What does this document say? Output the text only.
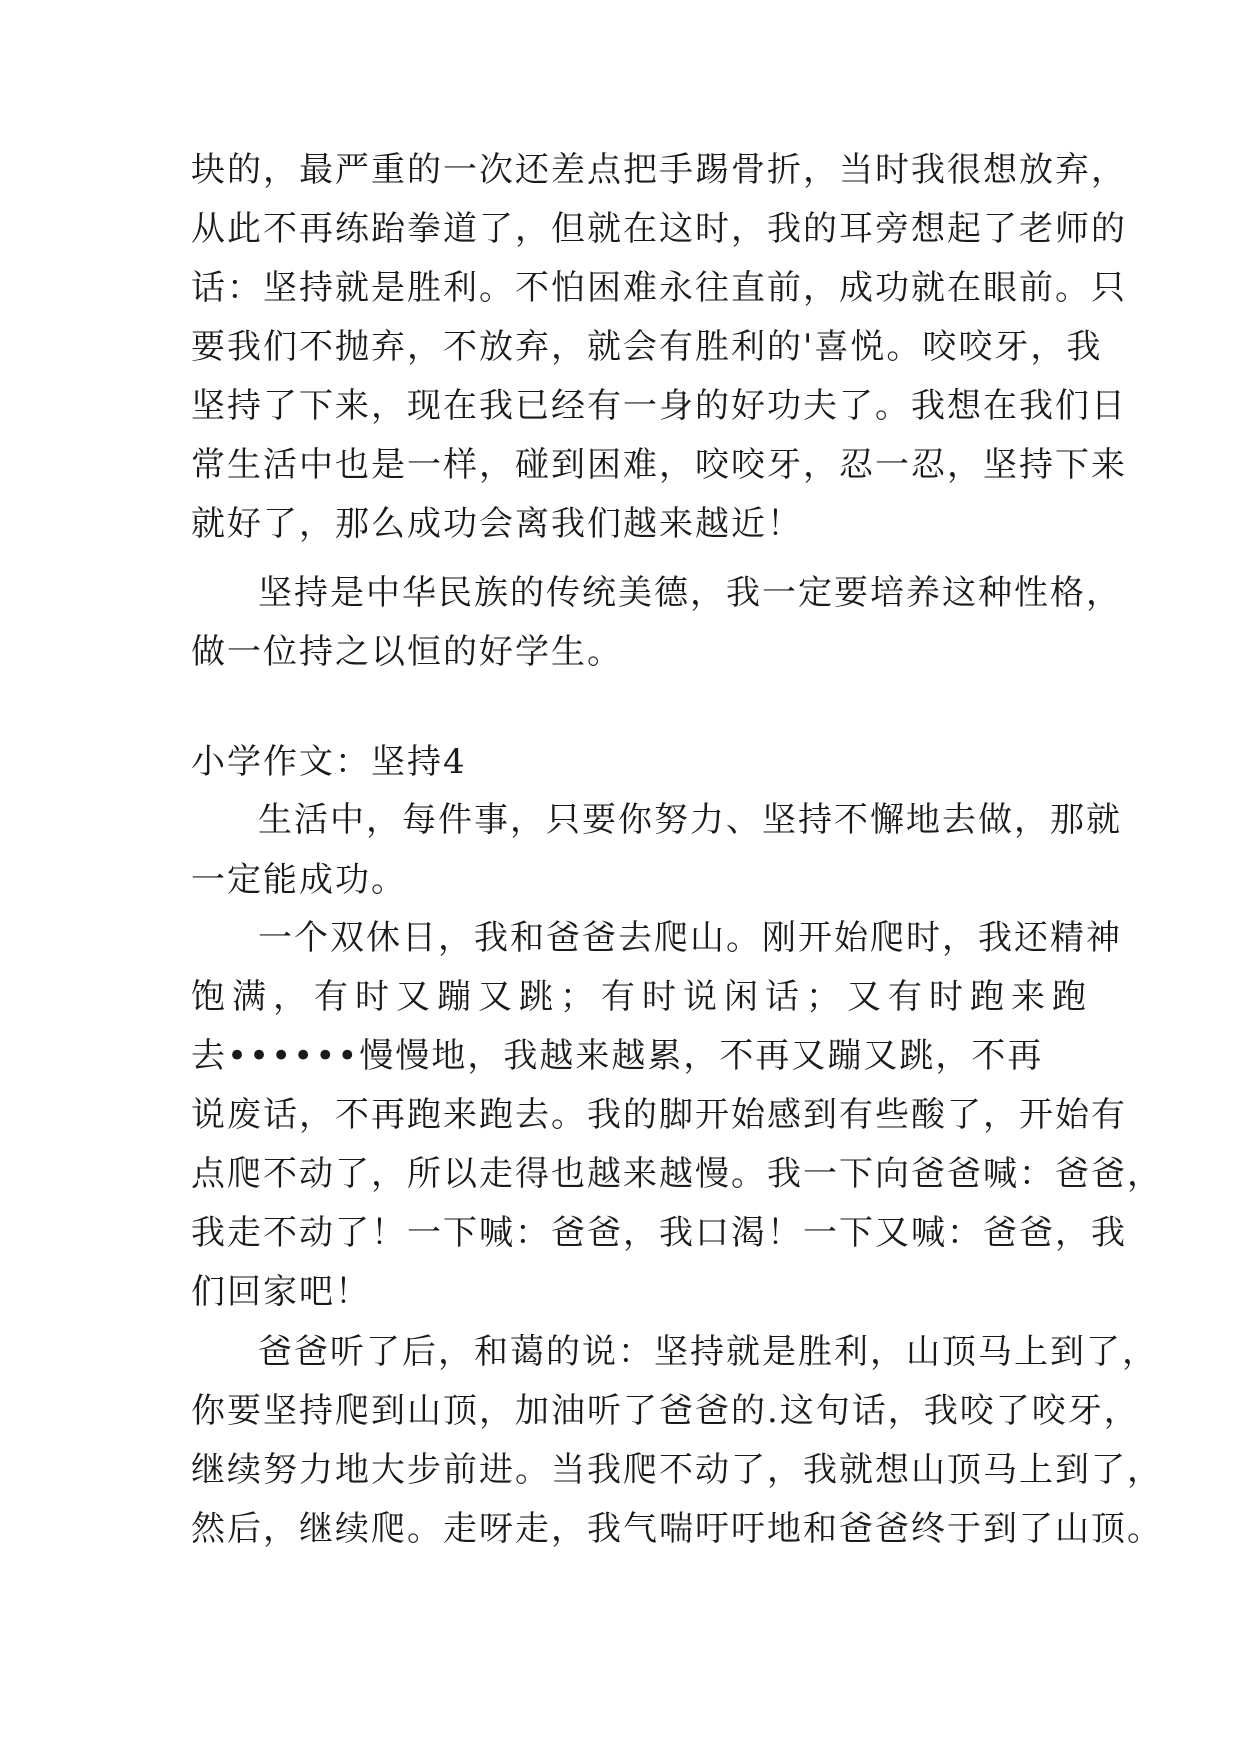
块的，最严重的一次还差点把手踢骨折，当时我很想放弃，
从此不再练跆拳道了，但就在这时，我的耳旁想起了老师的
话：坚持就是胜利。不怕困难永往直前，成功就在眼前。只
要我们不抛弃，不放弃，就会有胜利的'喜悦。咬咬牙，我
坚持了下来，现在我已经有一身的好功夫了。我想在我们日
常生活中也是一样，碰到困难，咬咬牙，忍一忍，坚持下来
就好了，那么成功会离我们越来越近！
坚持是中华民族的传统美德，我一定要培养这种性格，
做一位持之以恒的好学生。
小学作文：坚持4
生活中，每件事，只要你努力、坚持不懈地去做，那就
一定能成功。
一个双休日，我和爸爸去爬山。刚开始爬时，我还精神
饱满，有时又蹦又跳；有时说闲话；又有时跑来跑
去••••••慢慢地，我越来越累，不再又蹦又跳，不再
说废话，不再跑来跑去。我的脚开始感到有些酸了，开始有
点爬不动了，所以走得也越来越慢。我一下向爸爸喊：爸爸，
我走不动了！一下喊：爸爸，我口渴！一下又喊：爸爸，我
们回家吧！
爸爸听了后，和蔼的说：坚持就是胜利，山顶马上到了，
你要坚持爬到山顶，加油听了爸爸的.这句话，我咬了咬牙，
继续努力地大步前进。当我爬不动了，我就想山顶马上到了，
然后，继续爬。走呀走，我气喘吁吁地和爸爸终于到了山顶。
